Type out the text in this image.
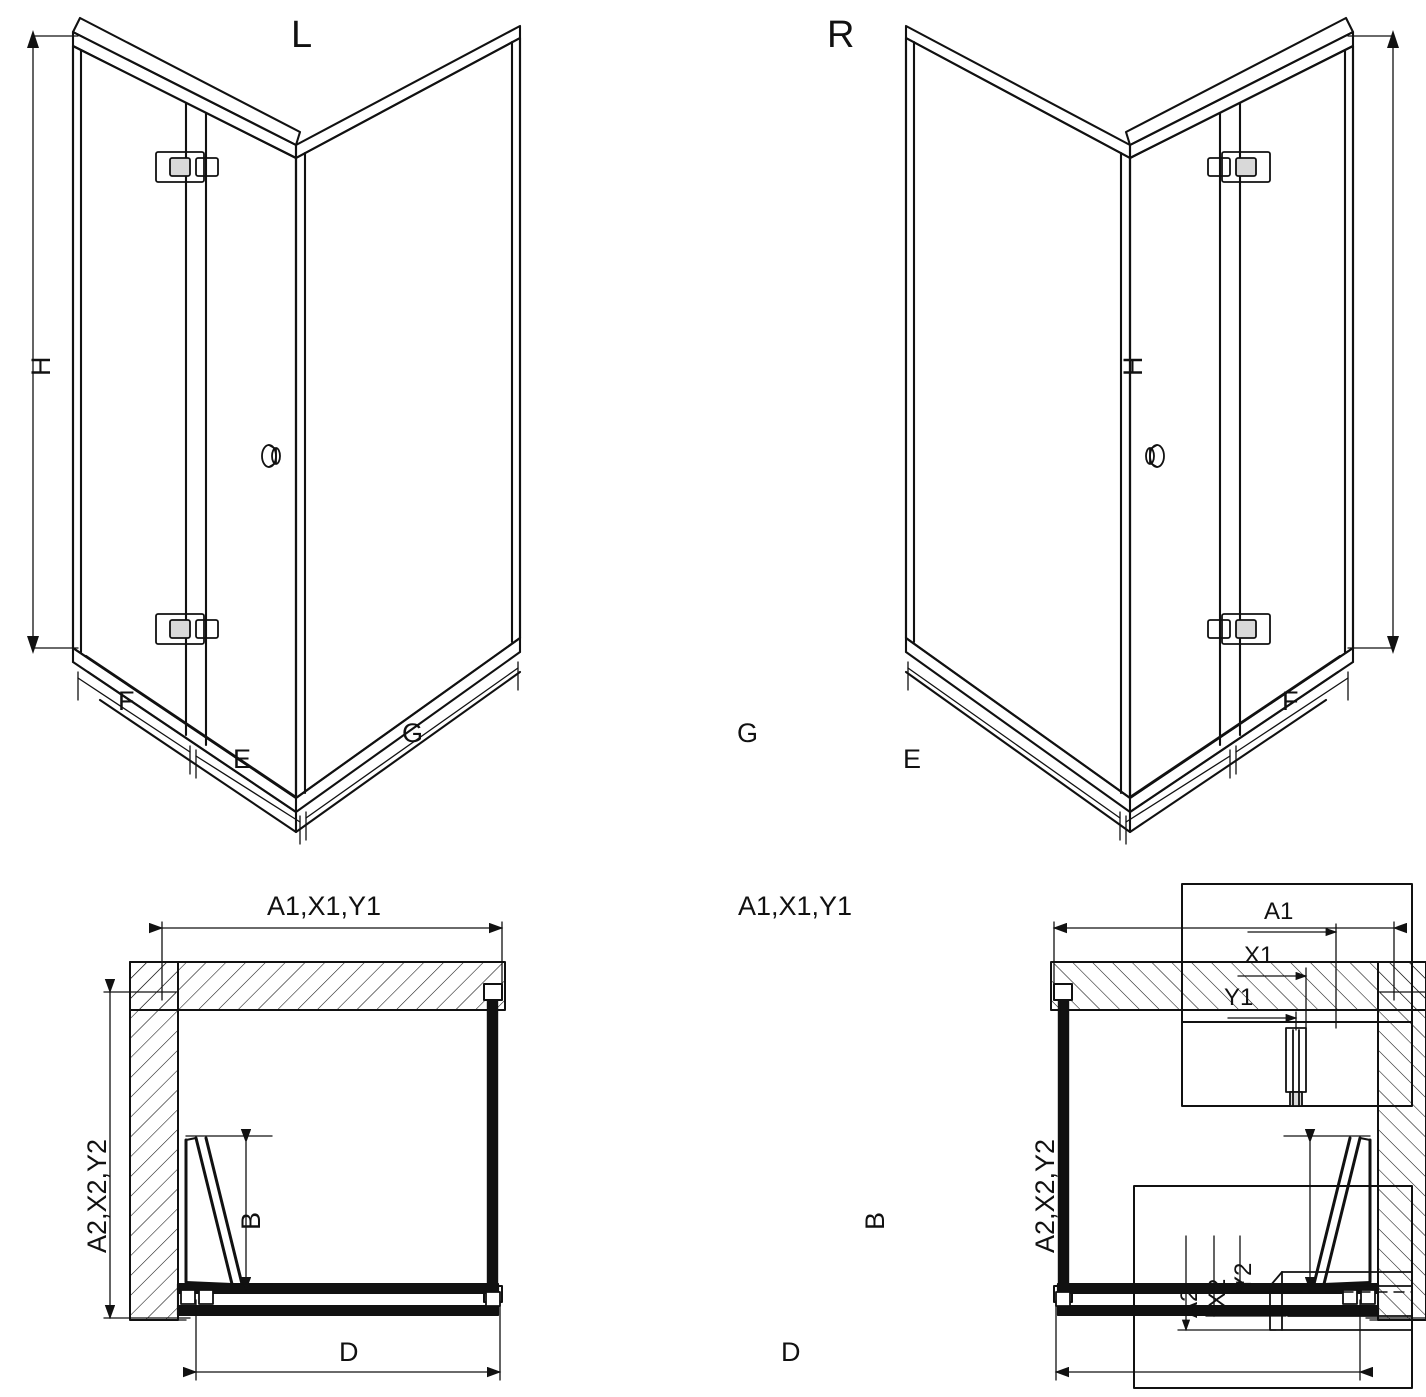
L	R
H	H
F
E
G
F
E
G
A1,X1,Y1
A2,X2,Y2	B
D
A1,X1,Y1
A2,X2,Y2
B
D
A1
X1
Y1
A2 X2
Y2
